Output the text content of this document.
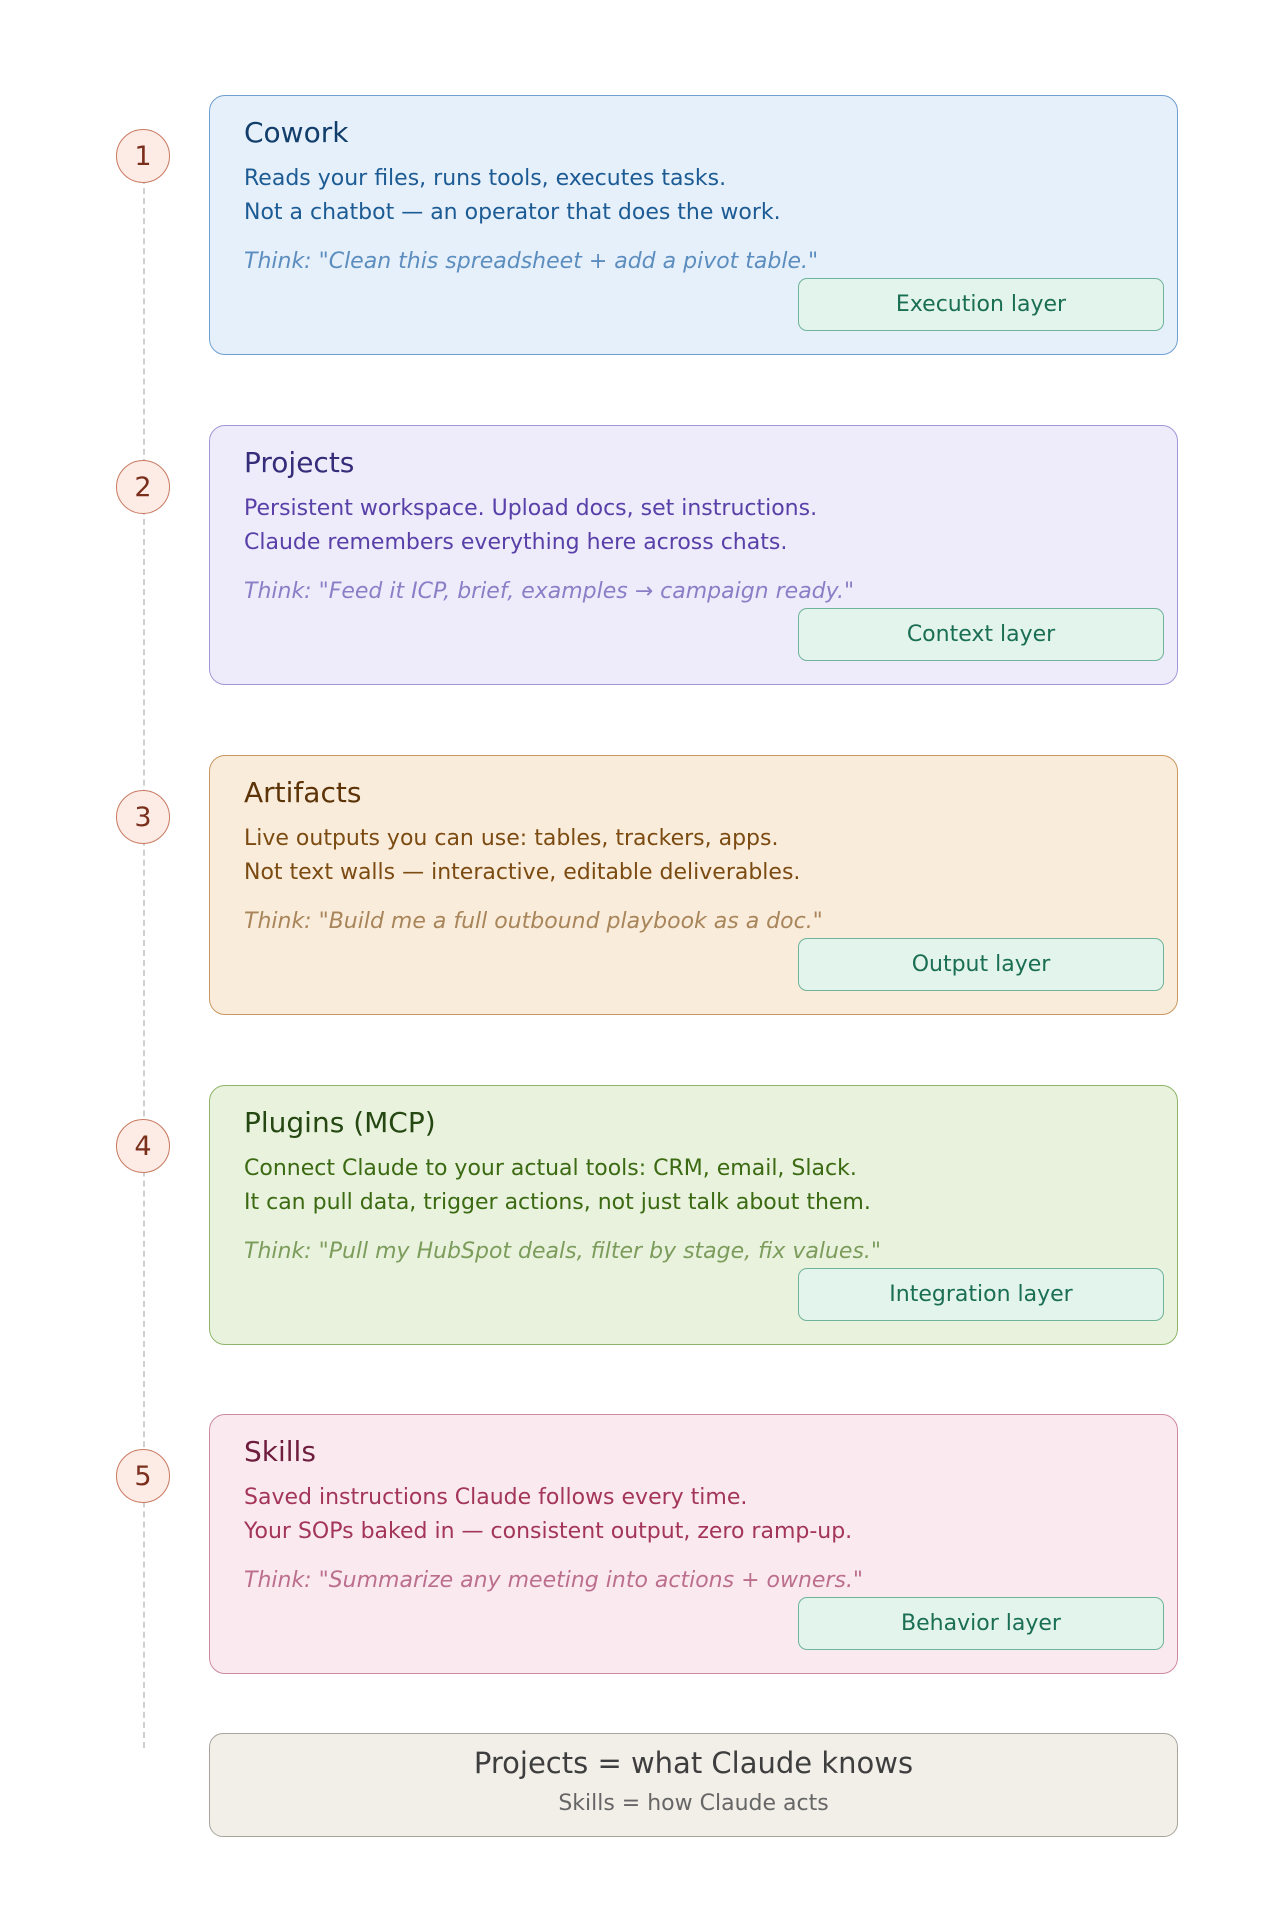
1
Cowork
Reads your files, runs tools, executes tasks.
Not a chatbot — an operator that does the work.
Think: "Clean this spreadsheet + add a pivot table."
Execution layer
2
Projects
Persistent workspace. Upload docs, set instructions.
Claude remembers everything here across chats.
Think: "Feed it ICP, brief, examples → campaign ready."
Context layer
3
Artifacts
Live outputs you can use: tables, trackers, apps.
Not text walls — interactive, editable deliverables.
Think: "Build me a full outbound playbook as a doc."
Output layer
4
Plugins (MCP)
Connect Claude to your actual tools: CRM, email, Slack.
It can pull data, trigger actions, not just talk about them.
Think: "Pull my HubSpot deals, filter by stage, fix values."
Integration layer
5
Skills
Saved instructions Claude follows every time.
Your SOPs baked in — consistent output, zero ramp-up.
Think: "Summarize any meeting into actions + owners."
Behavior layer
Projects = what Claude knows
Skills = how Claude acts
